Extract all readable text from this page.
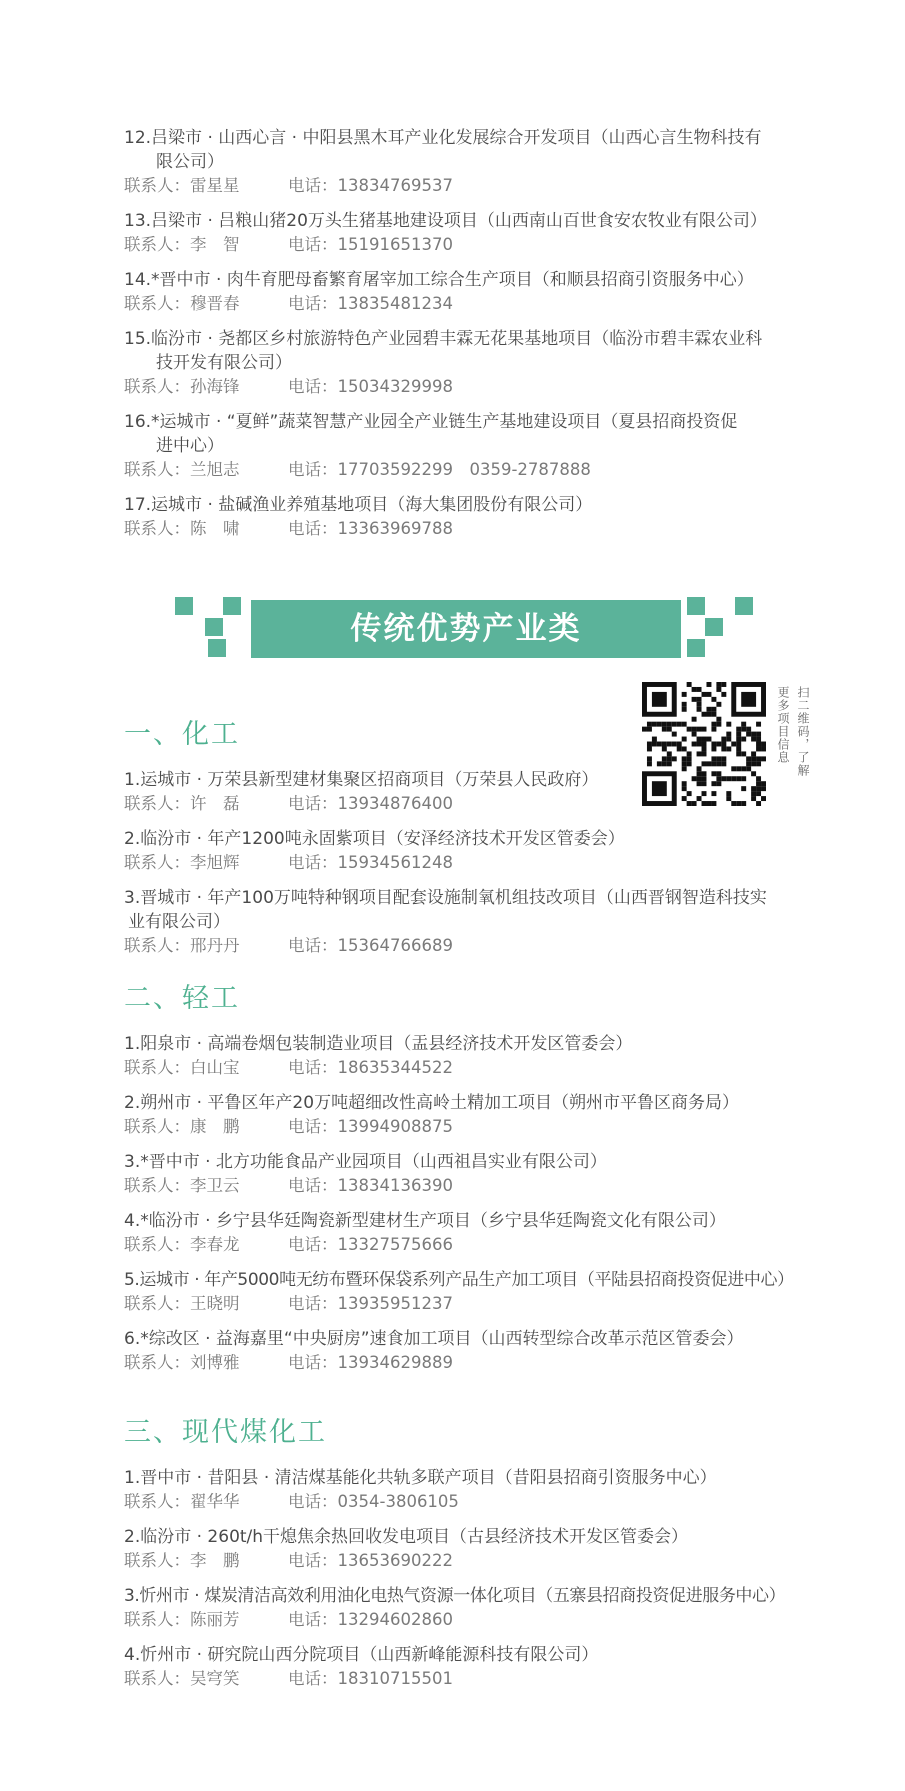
12.吕梁市 · 山西心言 · 中阳县黑木耳产业化发展综合开发项目（山西心言生物科技有
限公司）
联系人：雷星星	电话：13834769537
13.吕梁市 · 吕粮山猪20万头生猪基地建设项目（山西南山百世食安农牧业有限公司）
联系人：李　智	电话：15191651370
14.*晋中市 · 肉牛育肥母畜繁育屠宰加工综合生产项目（和顺县招商引资服务中心）
联系人：穆晋春	电话：13835481234
15.临汾市 · 尧都区乡村旅游特色产业园碧丰霖无花果基地项目（临汾市碧丰霖农业科
技开发有限公司）
联系人：孙海锋	电话：15034329998
16.*运城市 · “夏鲜”蔬菜智慧产业园全产业链生产基地建设项目（夏县招商投资促
进中心）
联系人：兰旭志	电话：17703592299　0359-2787888
17.运城市 · 盐碱渔业养殖基地项目（海大集团股份有限公司）
联系人：陈　啸	电话：13363969788
传统优势产业类
扫二维码，了解
更多项目信息
一、化工
1.运城市 · 万荣县新型建材集聚区招商项目（万荣县人民政府）
联系人：许　磊	电话：13934876400
2.临汾市 · 年产1200吨永固紫项目（安泽经济技术开发区管委会）
联系人：李旭辉	电话：15934561248
3.晋城市 · 年产100万吨特种钢项目配套设施制氧机组技改项目（山西晋钢智造科技实
业有限公司）
联系人：邢丹丹	电话：15364766689
二、轻工
1.阳泉市 · 高端卷烟包装制造业项目（盂县经济技术开发区管委会）
联系人：白山宝	电话：18635344522
2.朔州市 · 平鲁区年产20万吨超细改性高岭土精加工项目（朔州市平鲁区商务局）
联系人：康　鹏	电话：13994908875
3.*晋中市 · 北方功能食品产业园项目（山西祖昌实业有限公司）
联系人：李卫云	电话：13834136390
4.*临汾市 · 乡宁县华廷陶瓷新型建材生产项目（乡宁县华廷陶瓷文化有限公司）
联系人：李春龙	电话：13327575666
5.运城市 · 年产5000吨无纺布暨环保袋系列产品生产加工项目（平陆县招商投资促进中心）
联系人：王晓明	电话：13935951237
6.*综改区 · 益海嘉里“中央厨房”速食加工项目（山西转型综合改革示范区管委会）
联系人：刘博雅	电话：13934629889
三、现代煤化工
1.晋中市 · 昔阳县 · 清洁煤基能化共轨多联产项目（昔阳县招商引资服务中心）
联系人：翟华华	电话：0354-3806105
2.临汾市 · 260t/h干熄焦余热回收发电项目（古县经济技术开发区管委会）
联系人：李　鹏	电话：13653690222
3.忻州市 · 煤炭清洁高效利用油化电热气资源一体化项目（五寨县招商投资促进服务中心）
联系人：陈丽芳	电话：13294602860
4.忻州市 · 研究院山西分院项目（山西新峰能源科技有限公司）
联系人：吴穹笑	电话：18310715501
